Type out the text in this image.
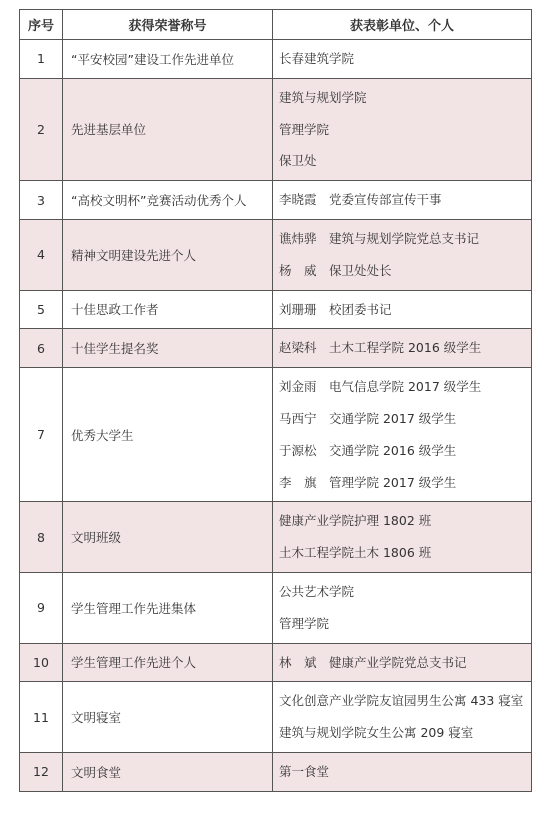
序号	获得荣誉称号	获表彰单位、个人
1	“平安校园”建设工作先进单位	长春建筑学院

2	先进基层单位	建筑与规划学院
管理学院
保卫处

3	“高校文明杯”竞赛活动优秀个人	李晓霞　党委宣传部宣传干事

4	精神文明建设先进个人	谯炜骅　建筑与规划学院党总支书记
杨　威　保卫处处长

5	十佳思政工作者	刘珊珊　校团委书记

6	十佳学生提名奖	赵梁科　土木工程学院 2016 级学生

7	优秀大学生	刘金雨　电气信息学院 2017 级学生
马西宁　交通学院 2017 级学生
于源松　交通学院 2016 级学生
李　旗　管理学院 2017 级学生

8	文明班级	健康产业学院护理 1802 班
土木工程学院土木 1806 班

9	学生管理工作先进集体	公共艺术学院
管理学院

10	学生管理工作先进个人	林　斌　健康产业学院党总支书记

11	文明寝室	文化创意产业学院友谊园男生公寓 433 寝室
建筑与规划学院女生公寓 209 寝室

12	文明食堂	第一食堂
